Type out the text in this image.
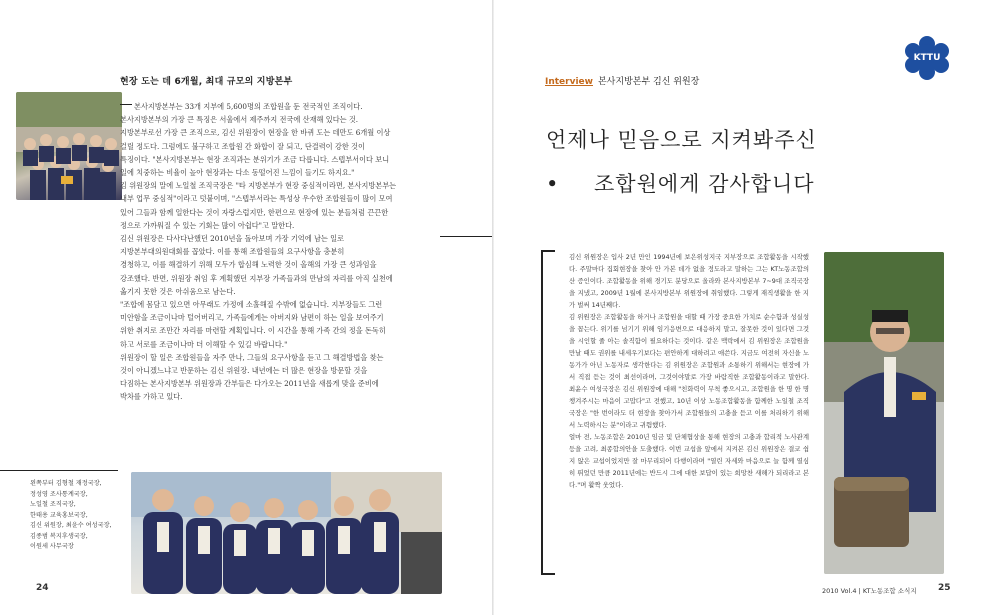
현장 도는 데 6개월, 최대 규모의 지방본부

본사지방본부는 33개 지부에 5,600명의 조합원을 둔 전국적인 조직이다.

본사지방본부의 가장 큰 특징은 서울에서 제주까지 전국에 산재해 있다는 것.

지방본부로선 가장 큰 조직으로, 김신 위원장이 현장을 한 바퀴 도는 데만도 6개월 이상

걸릴 정도다. 그럼에도 불구하고 조합원 간 화합이 잘 되고, 단결력이 강한 것이

특징이다. "본사지방본부는 현장 조직과는 분위기가 조금 다릅니다. 스텝부서이다 보니

일에 치중하는 비율이 높아 현장과는 다소 동떨어진 느낌이 들기도 하지요."

김 위원장의 말에 노일철 조직국장은 "타 지방본부가 현장 중심적이라면, 본사지방본부는

내부 업무 중심적"이라고 덧붙이며, "스텝부서라는 특성상 우수한 조합원들이 많이 모여

있어 그들과 함께 일한다는 것이 자랑스럽지만, 한편으로 현장에 있는 분들처럼 끈끈한

정으로 가까워질 수 있는 기회는 많이 아쉽다"고 말한다.

김신 위원장은 다사다난했던 2010년을 돌아보며 가장 기억에 남는 일로

지방본부대의원대회를 꼽았다. 이를 통해 조합원들의 요구사항을 충분히

경청하고, 이를 해결하기 위해 모두가 합심해 노력한 것이 올해의 가장 큰 성과임을

강조했다. 반면, 위원장 취임 후 계획했던 지부장 가족들과의 만남의 자리를 아직 실천에

옮기지 못한 것은 아쉬움으로 남는다.

"조합에 몸담고 있으면 아무래도 가정에 소홀해질 수밖에 없습니다. 지부장들도 그런

미안함을 조금이나마 털어버리고, 가족들에게는 아버지와 남편이 하는 일을 보여주기

위한 취지로 조만간 자리를 마련할 계획입니다. 이 시간을 통해 가족 간의 정을 돈독히

하고 서로를 조금이나마 더 이해할 수 있길 바랍니다."

위원장이 할 일은 조합원들을 자주 만나, 그들의 요구사항을 듣고 그 해결방법을 찾는

것이 아니겠느냐고 반문하는 김신 위원장. 내년에는 더 많은 현장을 방문할 것을

다짐하는 본사지방본부 위원장과 간부들은 다가오는 2011년을 새롭게 맞을 준비에

박차를 가하고 있다.

왼쪽부터 김형철 재정국장,
정성영 조사통계국장,
노일철 조직국장,
한태용 교육홍보국장,
김신 위원장, 최윤수 여성국장,
김종범 복지후생국장,
이원세 사무국장
24
KTTU
Interview 본사지방본부 김신 위원장
언제나 믿음으로 지켜봐주신
• 조합원에게 감사합니다

김신 위원장은 입사 2년 만인 1994년에 보은위성지국 지부장으로 조합활동을 시작했다. 주말마다 집회현장을 찾아 안 가본 데가 없을 정도라고 말하는 그는 KT노동조합의 산 증인이다. 조합활동을 위해 경기도 분당으로 올라와 본사지방본부 7~9대 조직국장을 지냈고, 2009년 1월에 본사지방본부 위원장에 취임했다. 그렇게 재직생활을 한 지가 벌써 14년째다.

김 위원장은 조합활동을 하거나 조합원을 대할 때 가장 중요한 가치로 순수함과 성실성을 꼽는다. 위기를 넘기기 위해 임기응변으로 대응하지 말고, 잘못한 것이 있다면 그것을 시인할 줄 아는 솔직함이 필요하다는 것이다. 같은 맥락에서 김 위원장은 조합원을 만날 때도 권위를 내세우기보다는 편안하게 대하려고 애쓴다. 지금도 여전히 자신을 노동가가 아닌 노동자로 생각한다는 김 위원장은 조합원과 소통하기 위해서는 현장에 가서 직접 듣는 것이 최선이라며, 그것이야말로 가장 바람직한 조합활동이라고 말한다. 최윤수 여성국장은 김신 위원장에 대해 "친화력이 무척 좋으시고, 조합원을 한 명 한 명 챙겨주시는 마음이 고맙다"고 전했고, 10년 이상 노동조합활동을 함께한 노일철 조직국장은 "한 번이라도 더 현장을 찾아가서 조합원들의 고충을 듣고 이를 처리하기 위해서 노력하시는 분"이라고 귀띔했다.

얼마 전, 노동조합은 2010년 임금 및 단체협상을 통해 현장의 고충과 합리적 노사관계 등을 고려, 최종합의안을 도출했다. 이번 교섭을 앞에서 지켜본 김신 위원장은 결코 쉽지 않은 교섭이었지만 잘 마무리되어 다행이라며 "열린 자세와 마음으로 늘 함께 열심히 뛰었던 만큼 2011년에는 반드시 그에 대한 보답이 있는 희망찬 새해가 되리라고 본다."며 활짝 웃었다.

2010 Vol.4 | KT노동조합 소식지 25
